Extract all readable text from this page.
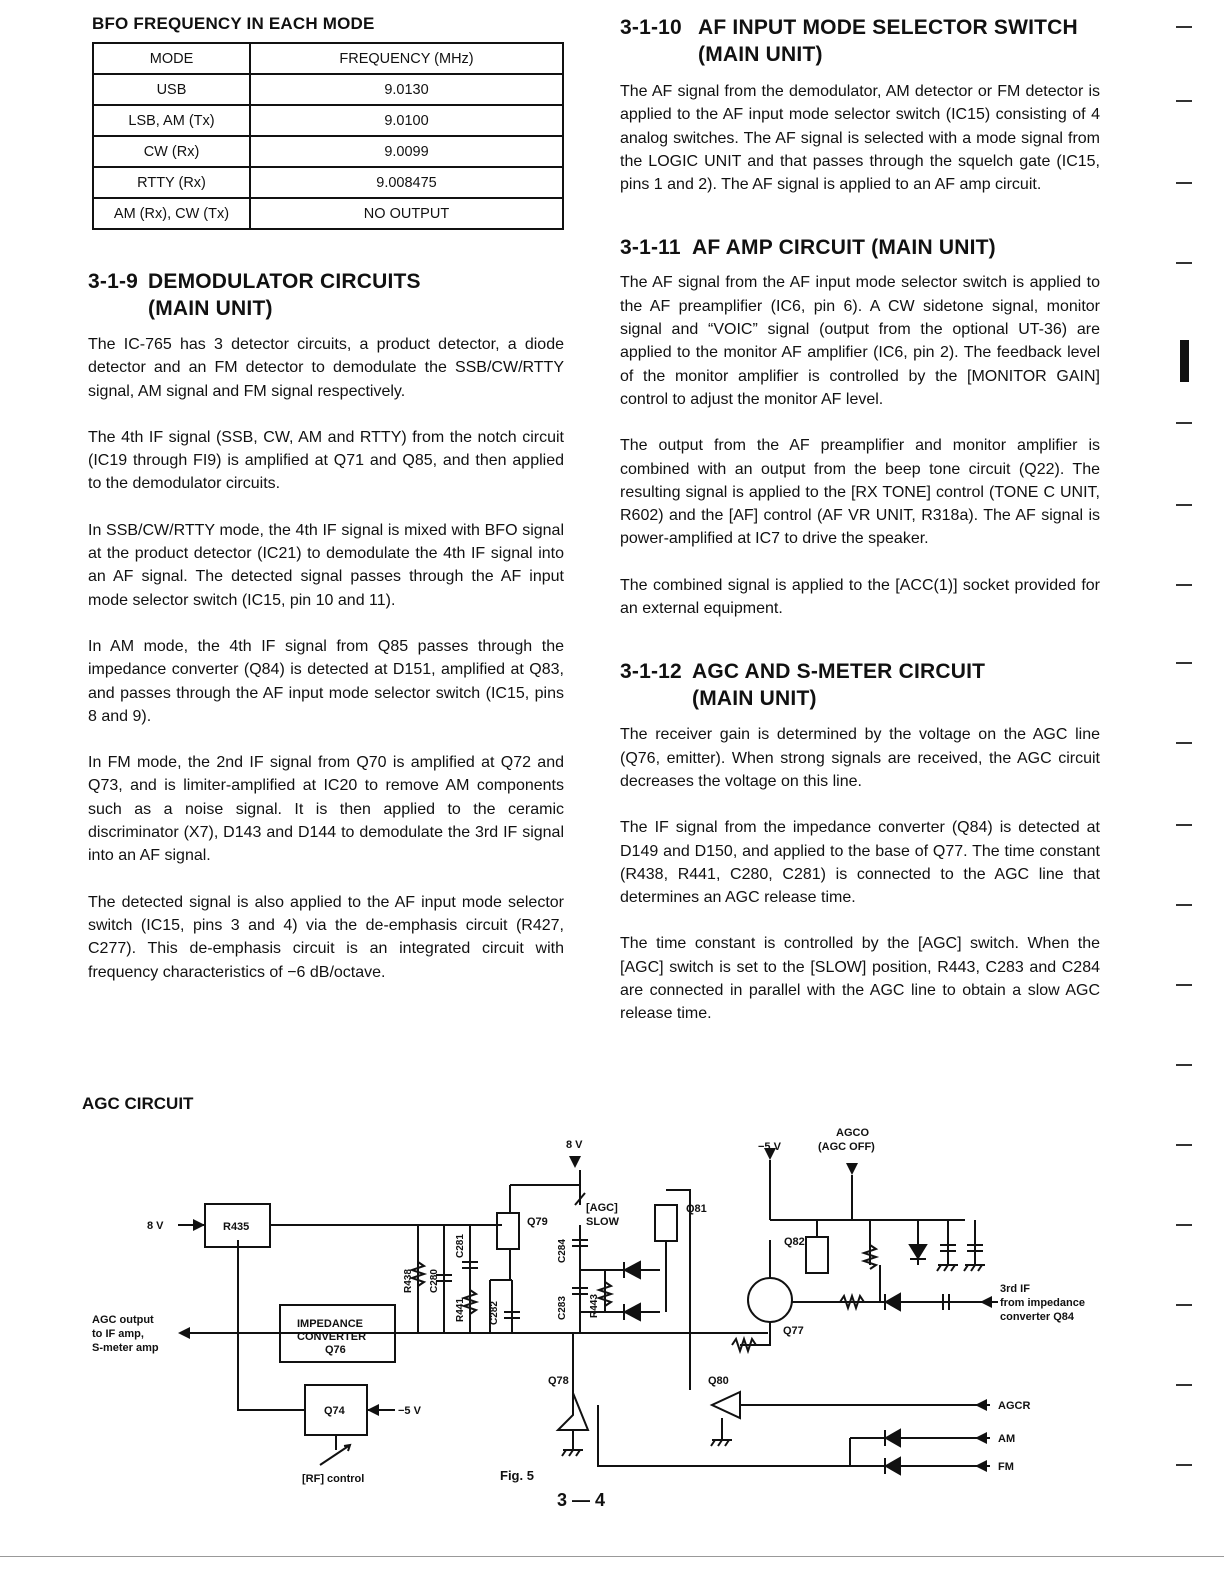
BFO FREQUENCY IN EACH MODE
MODE	FREQUENCY (MHz)
USB	9.0130
LSB, AM (Tx)	9.0100
CW (Rx)	9.0099
RTTY (Rx)	9.008475
AM (Rx), CW (Tx)	NO OUTPUT
3-1-9 DEMODULATOR CIRCUITS
(MAIN UNIT)

The IC-765 has 3 detector circuits, a product detector, a diode detector and an FM detector to demodulate the SSB/CW/RTTY signal, AM signal and FM signal respectively.

The 4th IF signal (SSB, CW, AM and RTTY) from the notch circuit (IC19 through FI9) is amplified at Q71 and Q85, and then applied to the demodulator circuits.

In SSB/CW/RTTY mode, the 4th IF signal is mixed with BFO signal at the product detector (IC21) to demodulate the 4th IF signal into an AF signal. The detected signal passes through the AF input mode selector switch (IC15, pin 10 and 11).

In AM mode, the 4th IF signal from Q85 passes through the impedance converter (Q84) is detected at D151, amplified at Q83, and passes through the AF input mode selector switch (IC15, pins 8 and 9).

In FM mode, the 2nd IF signal from Q70 is amplified at Q72 and Q73, and is limiter-amplified at IC20 to remove AM components such as a noise signal. It is then applied to the ceramic discriminator (X7), D143 and D144 to demodulate the 3rd IF signal into an AF signal.

The detected signal is also applied to the AF input mode selector switch (IC15, pins 3 and 4) via the de-emphasis circuit (R427, C277). This de-emphasis circuit is an integrated circuit with frequency characteristics of −6 dB/octave.

3-1-10 AF INPUT MODE SELECTOR SWITCH
(MAIN UNIT)

The AF signal from the demodulator, AM detector or FM detector is applied to the AF input mode selector switch (IC15) consisting of 4 analog switches. The AF signal is selected with a mode signal from the LOGIC UNIT and that passes through the squelch gate (IC15, pins 1 and 2). The AF signal is applied to an AF amp circuit.

3-1-11 AF AMP CIRCUIT (MAIN UNIT)

The AF signal from the AF input mode selector switch is applied to the AF preamplifier (IC6, pin 6). A CW sidetone signal, monitor signal and “VOIC” signal (output from the optional UT-36) are applied to the monitor AF amplifier (IC6, pin 2). The feedback level of the monitor amplifier is controlled by the [MONITOR GAIN] control to adjust the monitor AF level.

The output from the AF preamplifier and monitor amplifier is combined with an output from the beep tone circuit (Q22). The resulting signal is applied to the [RX TONE] control (TONE C UNIT, R602) and the [AF] control (AF VR UNIT, R318a). The AF signal is power-amplified at IC7 to drive the speaker.

The combined signal is applied to the [ACC(1)] socket provided for an external equipment.

3-1-12 AGC AND S-METER CIRCUIT
(MAIN UNIT)

The receiver gain is determined by the voltage on the AGC line (Q76, emitter). When strong signals are received, the AGC circuit decreases the voltage on this line.

The IF signal from the impedance converter (Q84) is detected at D149 and D150, and applied to the base of Q77. The time constant (R438, R441, C280, C281) is connected to the AGC line that determines an AGC release time.

The time constant is controlled by the [AGC] switch. When the [AGC] switch is set to the [SLOW] position, R443, C283 and C284 are connected in parallel with the AGC line to obtain a slow AGC release time.

AGC CIRCUIT
8 V
8 V
−5 V
−5 V
AGCO
(AGC OFF)
R435	Q79
Q81
Q82
Q77
Q78	Q80
Q74
[AGC]
SLOW
IMPEDANCE
CONVERTER
Q76
AGC output
to IF amp,
S-meter amp
3rd IF
from impedance
converter Q84
AGCR
AM
FM
[RF] control
R438 C280
C281
R441 C282
C284
C283 R443
Fig. 5
3 — 4
